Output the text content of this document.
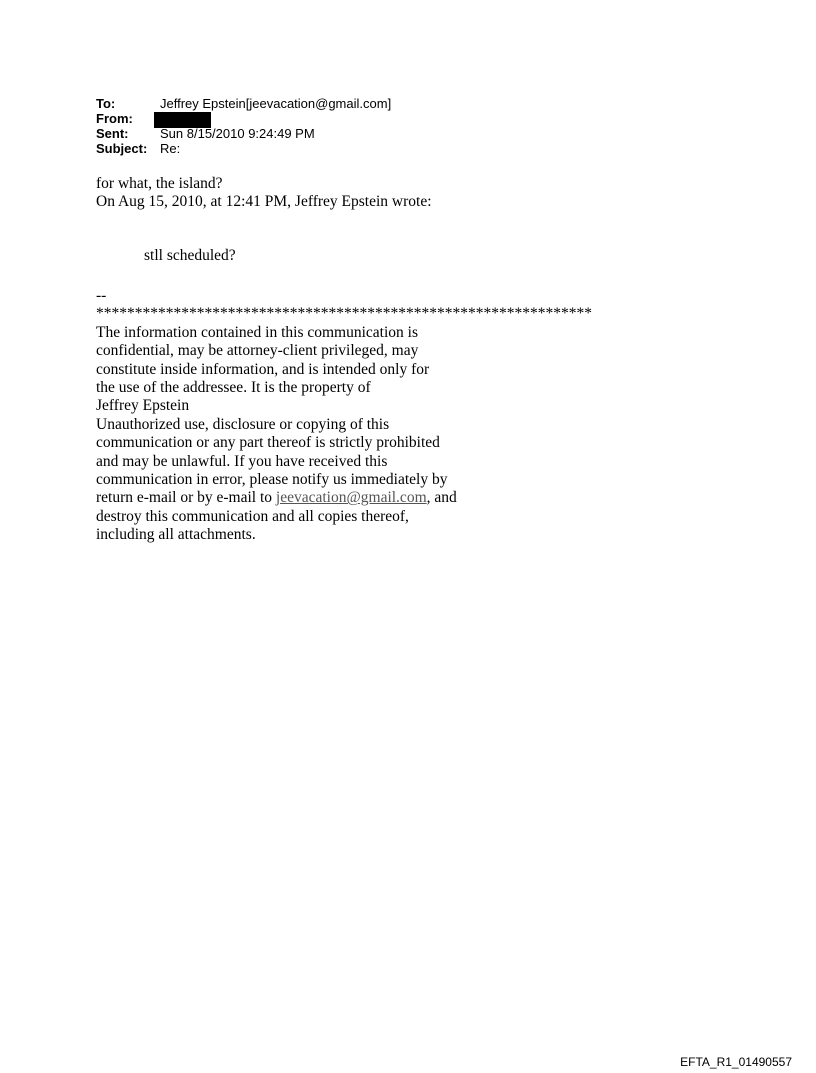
To:	Jeffrey Epstein[jeevacation@gmail.com]
From:
Sent:	Sun 8/15/2010 9:24:49 PM
Subject: Re:
for what, the island?
On Aug 15, 2010, at 12:41 PM, Jeffrey Epstein wrote:
stll scheduled?
--
****************************************************************
The information contained in this communication is
confidential, may be attorney-client privileged, may
constitute inside information, and is intended only for
the use of the addressee. It is the property of
Jeffrey Epstein
Unauthorized use, disclosure or copying of this
communication or any part thereof is strictly prohibited
and may be unlawful. If you have received this
communication in error, please notify us immediately by
return e-mail or by e-mail to jeevacation@gmail.com, and
destroy this communication and all copies thereof,
including all attachments.
EFTA_R1_01490557
